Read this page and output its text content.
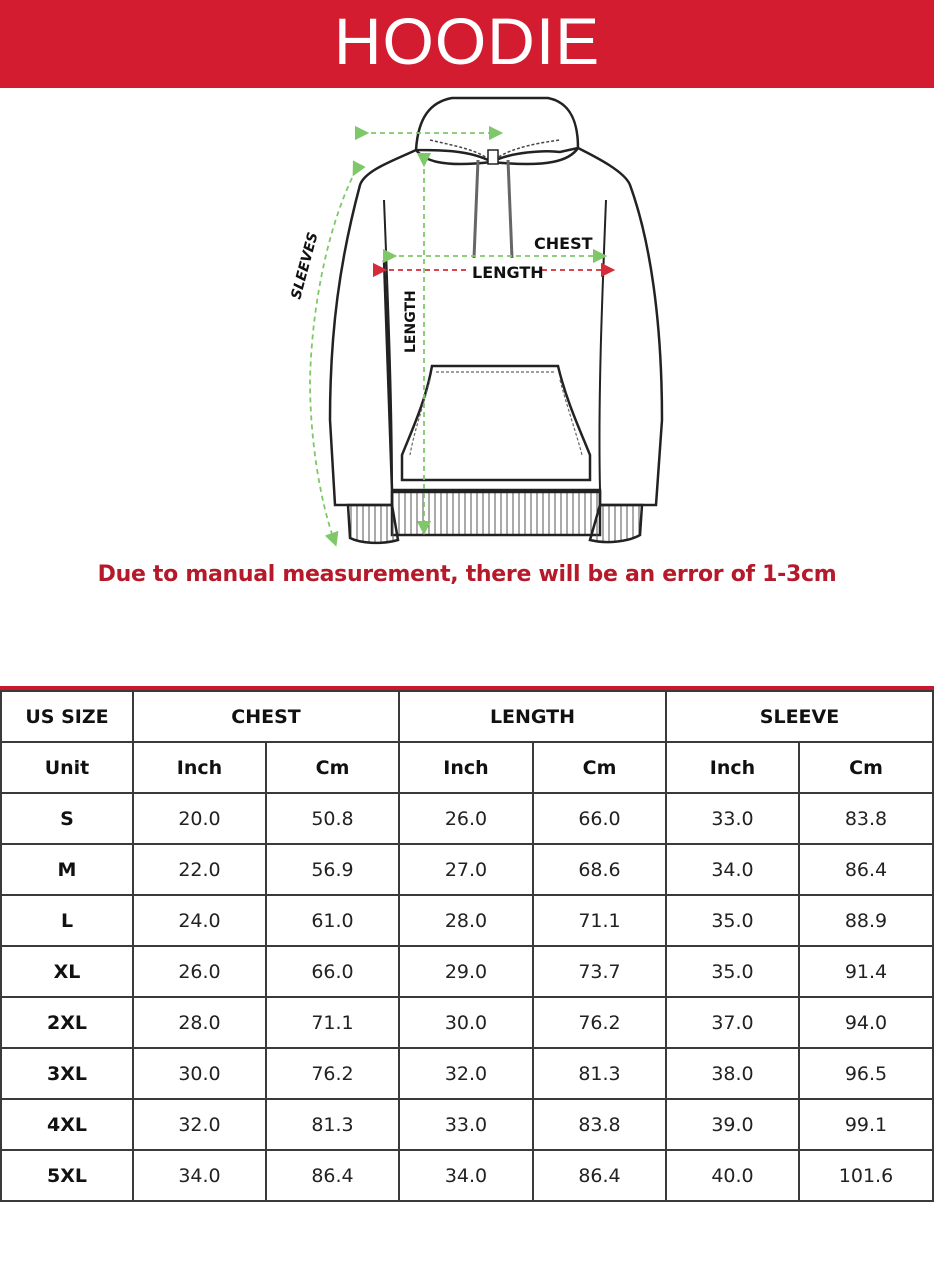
HOODIE
CHEST
LENGTH
LENGTH
SLEEVES
Due to manual measurement, there will be an error of 1-3cm
US SIZE	CHEST		LENGTH		SLEEVE	
Unit	Inch	Cm	Inch	Cm	Inch	Cm
S	20.0	50.8	26.0	66.0	33.0	83.8
M	22.0	56.9	27.0	68.6	34.0	86.4
L	24.0	61.0	28.0	71.1	35.0	88.9
XL	26.0	66.0	29.0	73.7	35.0	91.4
2XL	28.0	71.1	30.0	76.2	37.0	94.0
3XL	30.0	76.2	32.0	81.3	38.0	96.5
4XL	32.0	81.3	33.0	83.8	39.0	99.1
5XL	34.0	86.4	34.0	86.4	40.0	101.6
